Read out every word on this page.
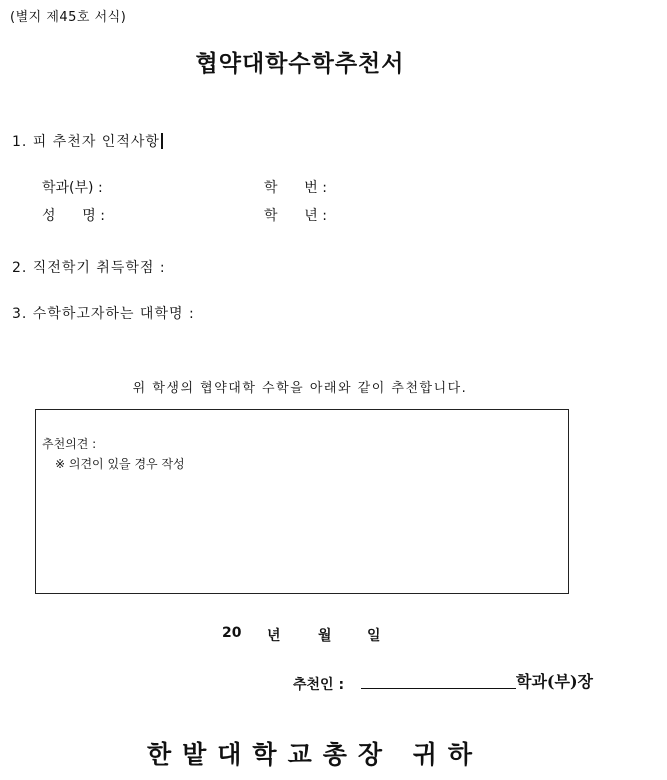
(별지 제45호 서식)
협약대학수학추천서
1. 피 추천자 인적사항
학과(부) :	학      번 :
성      명 :	학      년 :
2. 직전학기 취득학점 :
3. 수학하고자하는 대학명 :
위 학생의 협약대학 수학을 아래와 같이 추천합니다.
추천의견 :
※ 의견이 있을 경우 작성
20 년	월	일
추천인 :	학과(부)장
한밭대학교총장 귀하
